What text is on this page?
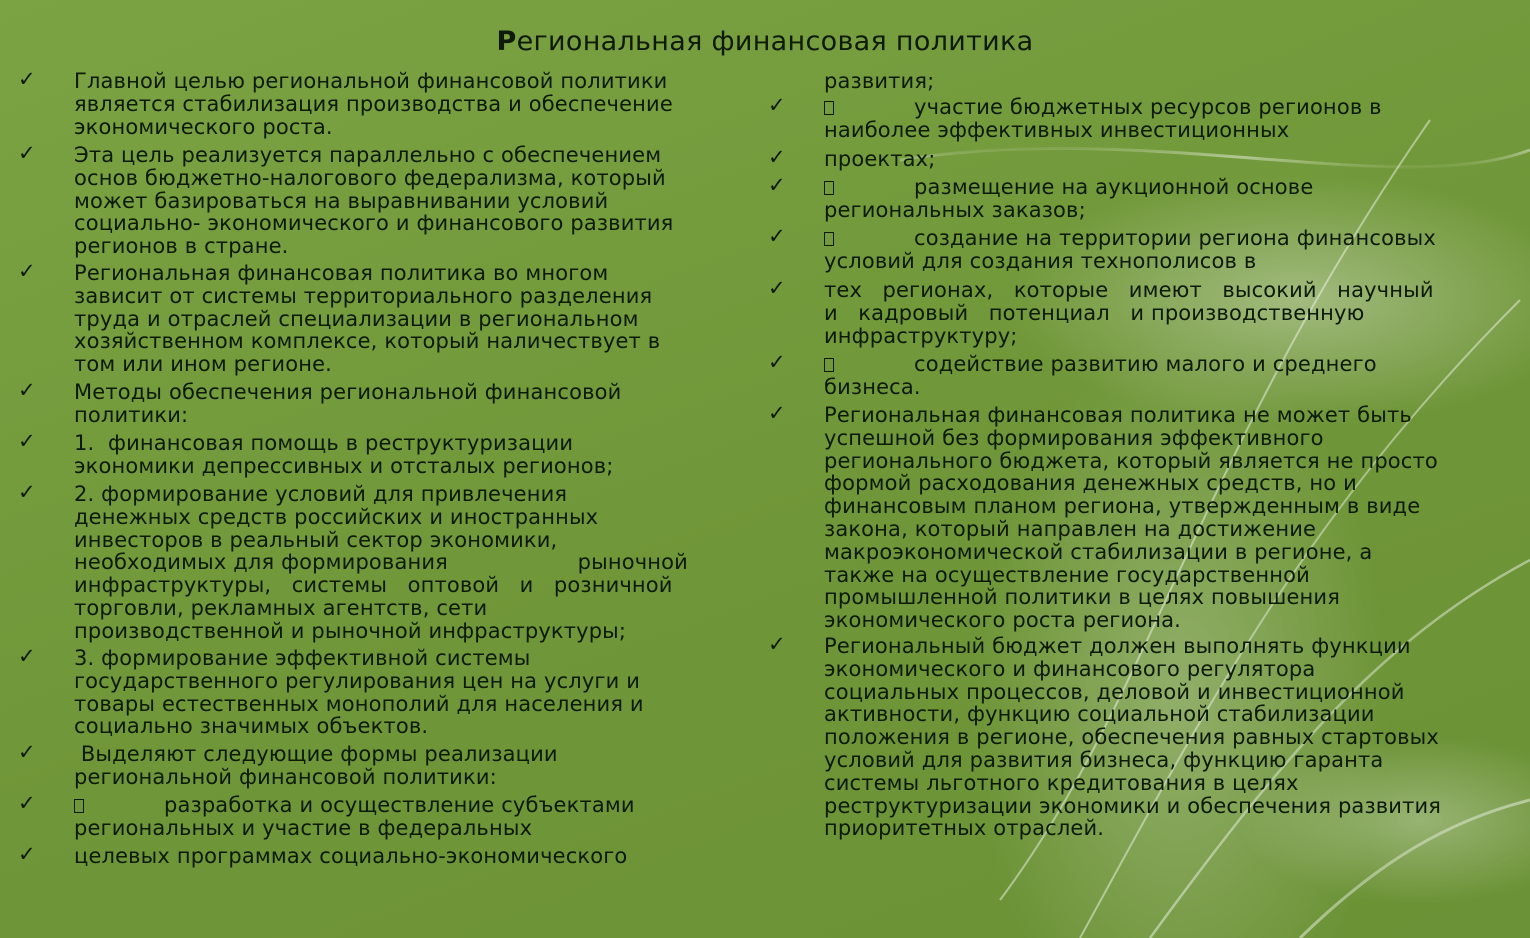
Региональная финансовая политика
✓ Главной целью региональной финансовой политики
является стабилизация производства и обеспечение
экономического роста.
✓ Эта цель реализуется параллельно с обеспечением
основ бюджетно-налогового федерализма, который
может базироваться на выравнивании условий
социально- экономического и финансового развития
регионов в стране.
✓ Региональная финансовая политика во многом
зависит от системы территориального разделения
труда и отраслей специализации в региональном
хозяйственном комплексе, который наличествует в
том или ином регионе.
✓ Методы обеспечения региональной финансовой
политики:
✓ 1.  финансовая помощь в реструктуризации
экономики депрессивных и отсталых регионов;
✓ 2. формирование условий для привлечения
денежных средств российских и иностранных
инвесторов в реальный сектор экономики,
необходимых для формирования                   рыночной
инфраструктуры,   системы   оптовой   и   розничной
торговли, рекламных агентств, сети
производственной и рыночной инфраструктуры;
✓ 3. формирование эффективной системы
государственного регулирования цен на услуги и
товары естественных монополий для населения и
социально значимых объектов.
✓ Выделяют следующие формы реализации
региональной финансовой политики:
✓	разработка и осуществление субъектами
региональных и участие в федеральных
✓ целевых программах социально-экономического
развития;
✓	участие бюджетных ресурсов регионов в
наиболее эффективных инвестиционных
✓ проектах;
✓	размещение на аукционной основе
региональных заказов;
✓	создание на территории региона финансовых
условий для создания технополисов в
✓ тех   регионах,   которые   имеют   высокий   научный
и   кадровый   потенциал   и производственную
инфраструктуру;
✓	содействие развитию малого и среднего
бизнеса.
✓ Региональная финансовая политика не может быть
успешной без формирования эффективного
регионального бюджета, который является не просто
формой расходования денежных средств, но и
финансовым планом региона, утвержденным в виде
закона, который направлен на достижение
макроэкономической стабилизации в регионе, а
также на осуществление государственной
промышленной политики в целях повышения
экономического роста региона.
✓ Региональный бюджет должен выполнять функции
экономического и финансового регулятора
социальных процессов, деловой и инвестиционной
активности, функцию социальной стабилизации
положения в регионе, обеспечения равных стартовых
условий для развития бизнеса, функцию гаранта
системы льготного кредитования в целях
реструктуризации экономики и обеспечения развития
приоритетных отраслей.
